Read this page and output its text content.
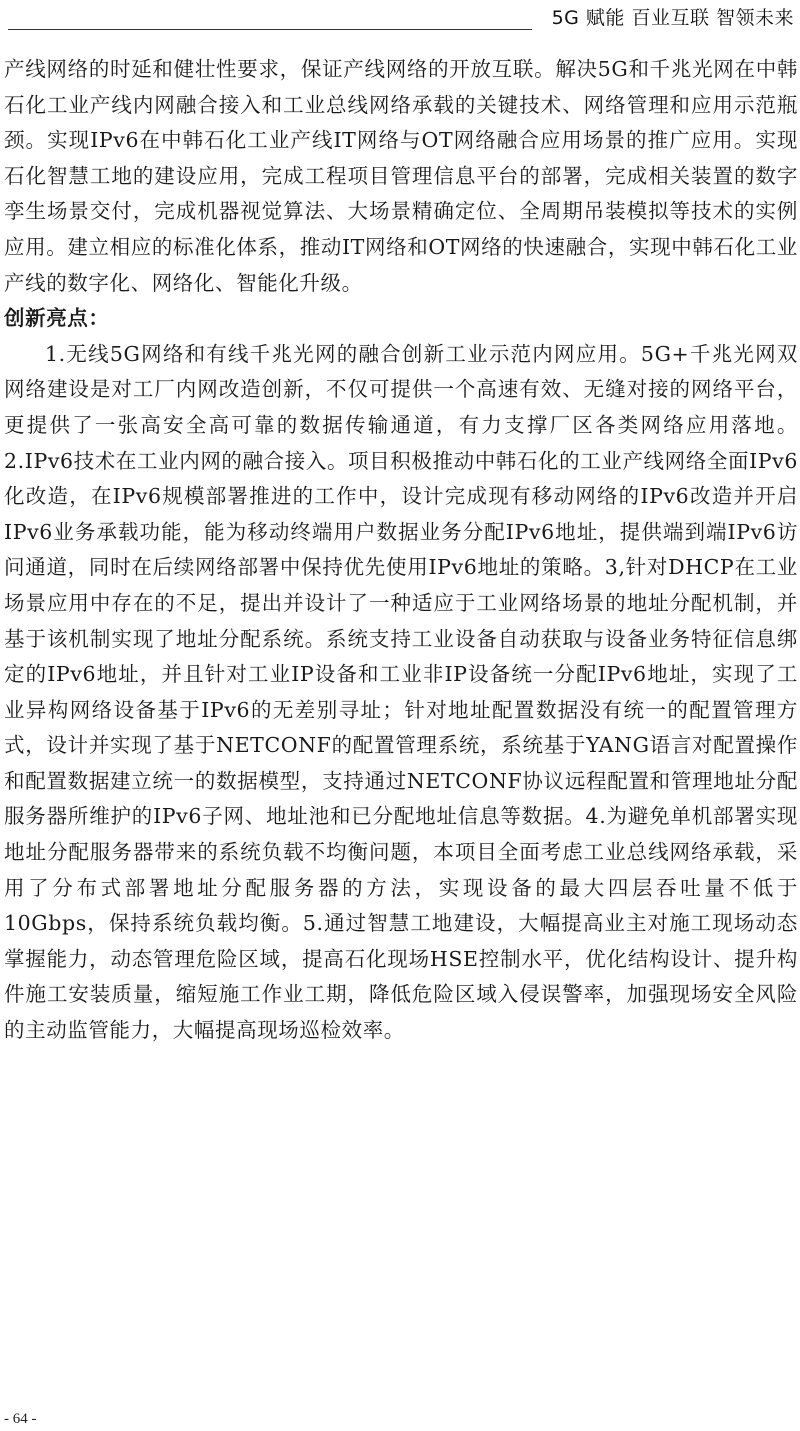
5G 赋能 百业互联 智领未来

产线网络的时延和健壮性要求，保证产线网络的开放互联。解决5G和千兆光网在中韩石化工业产线内网融合接入和工业总线网络承载的关键技术、网络管理和应用示范瓶颈。实现IPv6在中韩石化工业产线IT网络与OT网络融合应用场景的推广应用。实现石化智慧工地的建设应用，完成工程项目管理信息平台的部署，完成相关装置的数字孪生场景交付，完成机器视觉算法、大场景精确定位、全周期吊装模拟等技术的实例应用。建立相应的标准化体系，推动IT网络和OT网络的快速融合，实现中韩石化工业产线的数字化、网络化、智能化升级。

创新亮点：

1.无线5G网络和有线千兆光网的融合创新工业示范内网应用。5G+千兆光网双网络建设是对工厂内网改造创新，不仅可提供一个高速有效、无缝对接的网络平台，更提供了一张高安全高可靠的数据传输通道，有力支撑厂区各类网络应用落地。2.IPv6技术在工业内网的融合接入。项目积极推动中韩石化的工业产线网络全面IPv6化改造，在IPv6规模部署推进的工作中，设计完成现有移动网络的IPv6改造并开启IPv6业务承载功能，能为移动终端用户数据业务分配IPv6地址，提供端到端IPv6访问通道，同时在后续网络部署中保持优先使用IPv6地址的策略。3,针对DHCP在工业场景应用中存在的不足，提出并设计了一种适应于工业网络场景的地址分配机制，并基于该机制实现了地址分配系统。系统支持工业设备自动获取与设备业务特征信息绑定的IPv6地址，并且针对工业IP设备和工业非IP设备统一分配IPv6地址，实现了工业异构网络设备基于IPv6的无差别寻址；针对地址配置数据没有统一的配置管理方式，设计并实现了基于NETCONF的配置管理系统，系统基于YANG语言对配置操作和配置数据建立统一的数据模型，支持通过NETCONF协议远程配置和管理地址分配服务器所维护的IPv6子网、地址池和已分配地址信息等数据。4.为避免单机部署实现地址分配服务器带来的系统负载不均衡问题，本项目全面考虑工业总线网络承载，采用了分布式部署地址分配服务器的方法，实现设备的最大四层吞吐量不低于10Gbps，保持系统负载均衡。5.通过智慧工地建设，大幅提高业主对施工现场动态掌握能力，动态管理危险区域，提高石化现场HSE控制水平，优化结构设计、提升构件施工安装质量，缩短施工作业工期，降低危险区域入侵误警率，加强现场安全风险的主动监管能力，大幅提高现场巡检效率。

- 64 -
